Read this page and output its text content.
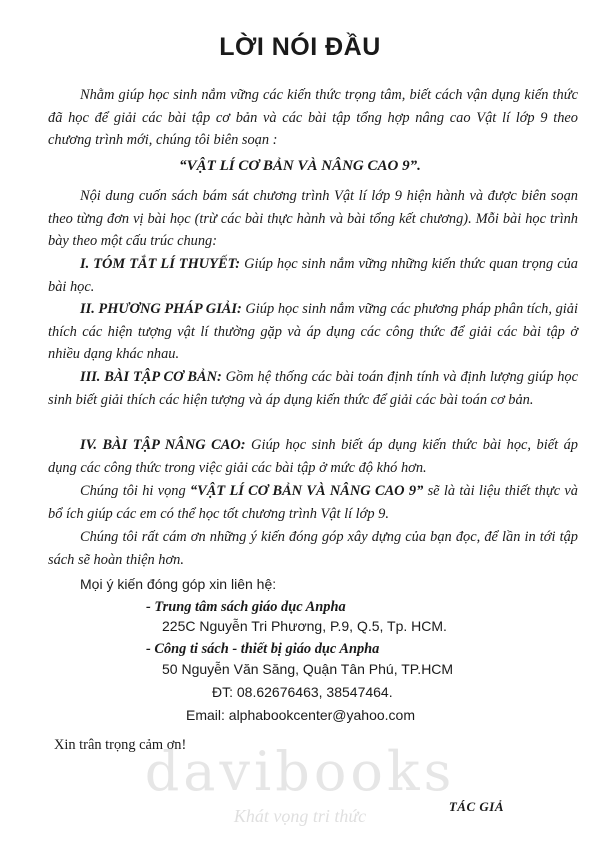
LỜI NÓI ĐẦU

Nhằm giúp học sinh nắm vững các kiến thức trọng tâm, biết cách vận dụng kiến thức đã học để giải các bài tập cơ bản và các bài tập tổng hợp nâng cao Vật lí lớp 9 theo chương trình mới, chúng tôi biên soạn :

“VẬT LÍ CƠ BẢN VÀ NÂNG CAO 9”.

Nội dung cuốn sách bám sát chương trình Vật lí lớp 9 hiện hành và được biên soạn theo từng đơn vị bài học (trừ các bài thực hành và bài tổng kết chương). Mỗi bài học trình bày theo một cấu trúc chung:

I. TÓM TẮT LÍ THUYẾT: Giúp học sinh nắm vững những kiến thức quan trọng của bài học.

II. PHƯƠNG PHÁP GIẢI: Giúp học sinh nắm vững các phương pháp phân tích, giải thích các hiện tượng vật lí thường gặp và áp dụng các công thức để giải các bài tập ở nhiều dạng khác nhau.

III. BÀI TẬP CƠ BẢN: Gồm hệ thống các bài toán định tính và định lượng giúp học sinh biết giải thích các hiện tượng và áp dụng kiến thức để giải các bài toán cơ bản.

IV. BÀI TẬP NÂNG CAO: Giúp học sinh biết áp dụng kiến thức bài học, biết áp dụng các công thức trong việc giải các bài tập ở mức độ khó hơn.

Chúng tôi hi vọng “VẬT LÍ CƠ BẢN VÀ NÂNG CAO 9” sẽ là tài liệu thiết thực và bổ ích giúp các em có thể học tốt chương trình Vật lí lớp 9.

Chúng tôi rất cám ơn những ý kiến đóng góp xây dựng của bạn đọc, để lần in tới tập sách sẽ hoàn thiện hơn.

Mọi ý kiến đóng góp xin liên hệ:
- Trung tâm sách giáo dục Anpha
225C Nguyễn Tri Phương, P.9, Q.5, Tp. HCM.
- Công ti sách - thiết bị giáo dục Anpha
50 Nguyễn Văn Săng, Quận Tân Phú, TP.HCM
ĐT: 08.62676463, 38547464.
Email: alphabookcenter@yahoo.com
Xin trân trọng cảm ơn!
davibooks
Khát vọng tri thức	TÁC GIẢ
